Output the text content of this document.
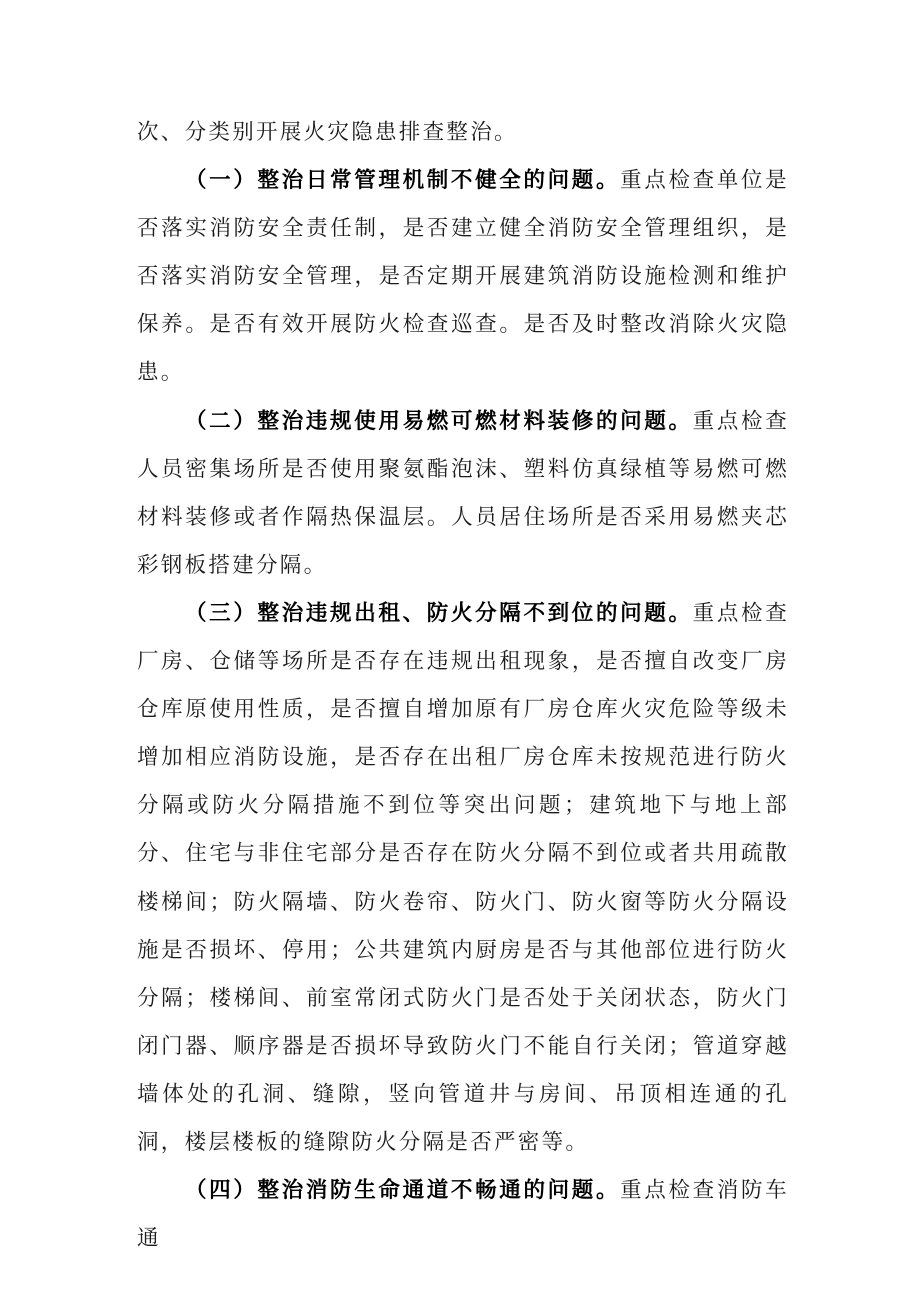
次、分类别开展火灾隐患排查整治。

（一）整治日常管理机制不健全的问题。重点检查单位是否落实消防安全责任制，是否建立健全消防安全管理组织，是否落实消防安全管理，是否定期开展建筑消防设施检测和维护保养。是否有效开展防火检查巡查。是否及时整改消除火灾隐患。

（二）整治违规使用易燃可燃材料装修的问题。重点检查人员密集场所是否使用聚氨酯泡沫、塑料仿真绿植等易燃可燃材料装修或者作隔热保温层。人员居住场所是否采用易燃夹芯彩钢板搭建分隔。

（三）整治违规出租、防火分隔不到位的问题。重点检查厂房、仓储等场所是否存在违规出租现象，是否擅自改变厂房仓库原使用性质，是否擅自增加原有厂房仓库火灾危险等级未增加相应消防设施，是否存在出租厂房仓库未按规范进行防火分隔或防火分隔措施不到位等突出问题；建筑地下与地上部分、住宅与非住宅部分是否存在防火分隔不到位或者共用疏散楼梯间；防火隔墙、防火卷帘、防火门、防火窗等防火分隔设施是否损坏、停用；公共建筑内厨房是否与其他部位进行防火分隔；楼梯间、前室常闭式防火门是否处于关闭状态，防火门闭门器、顺序器是否损坏导致防火门不能自行关闭；管道穿越墙体处的孔洞、缝隙，竖向管道井与房间、吊顶相连通的孔洞，楼层楼板的缝隙防火分隔是否严密等。

（四）整治消防生命通道不畅通的问题。重点检查消防车通
